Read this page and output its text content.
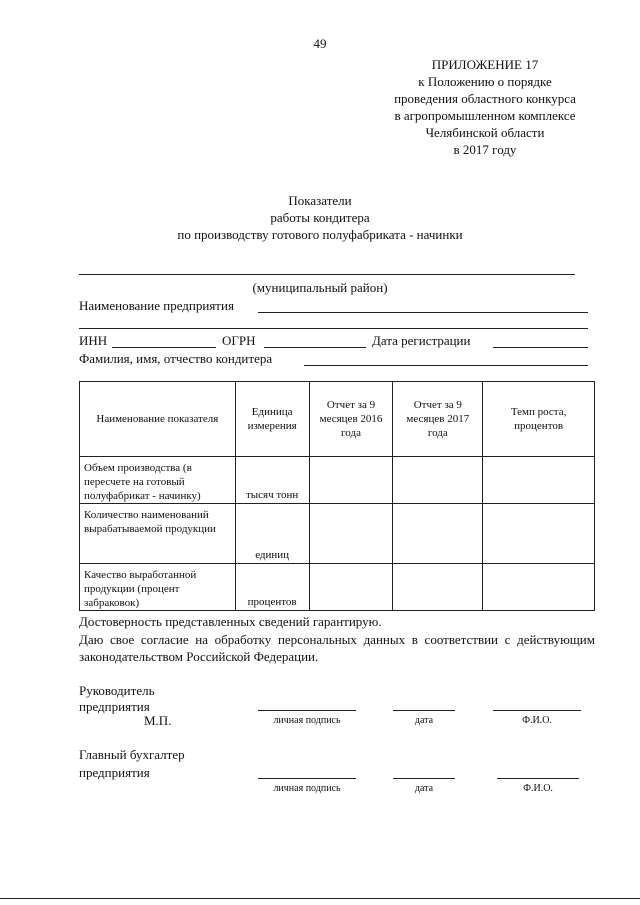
49
ПРИЛОЖЕНИЕ 17
к Положению о порядке
проведения областного конкурса
в агропромышленном комплексе
Челябинской области
в 2017 году
Показатели
работы кондитера
по производству готового полуфабриката - начинки
(муниципальный район)
Наименование предприятия
ИНН	ОГРН	Дата регистрации
Фамилия, имя, отчество кондитера
Наименование показателя	Единица измерения	Отчет за 9 месяцев 2016 года	Отчет за 9 месяцев 2017 года	Темп роста, процентов
Объем производства (в пересчете на готовый полуфабрикат - начинку)	тысяч тонн			
Количество наименований вырабатываемой продукции	единиц			
Качество выработанной продукции (процент забраковок)	процентов			
Достоверность представленных сведений гарантирую.
Даю свое согласие на обработку персональных данных в соответствии с действующим законодательством Российской Федерации.
Руководитель
предприятия
М.П.	личная подпись	дата	Ф.И.О.
Главный бухгалтер
предприятия
личная подпись	дата	Ф.И.О.
